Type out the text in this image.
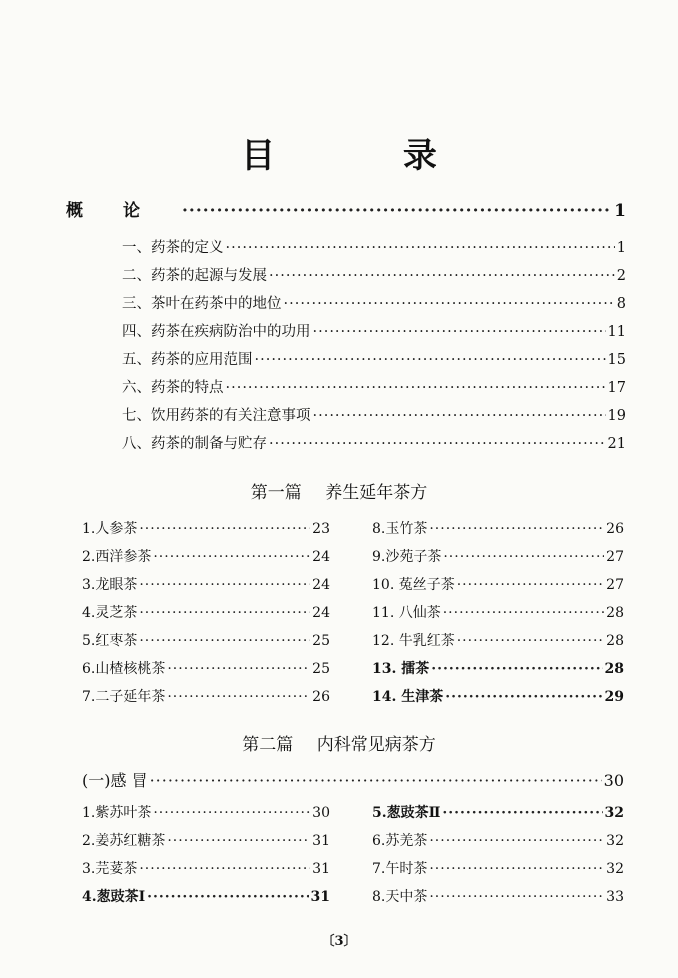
目 录
概论 ·····	1
一、药茶的定义 ·····	1
二、药茶的起源与发展 ·····	2
三、茶叶在药茶中的地位 ·····	8
四、药茶在疾病防治中的功用 ·····	11
五、药茶的应用范围 ·····	15
六、药茶的特点 ·····	17
七、饮用药茶的有关注意事项 ·····	19
八、药茶的制备与贮存 ·····	21
第一篇 养生延年茶方
1.人参茶 ·····	23
2.西洋参茶 ·····	24
3.龙眼茶 ·····	24
4.灵芝茶 ·····	24
5.红枣茶 ·····	25
6.山楂核桃茶 ·····	25
7.二子延年茶 ·····	26
8.玉竹茶 ·····	26
9.沙苑子茶 ·····	27
10. 菟丝子茶 ·····	27
11. 八仙茶 ·····	28
12. 牛乳红茶 ·····	28
13. 擂茶 ·····	28
14. 生津茶 ·····	29
第二篇 内科常见病茶方
(一)感 冒 ·····	30
1.紫苏叶茶 ·····	30
2.姜苏红糖茶 ·····	31
3.芫荽茶 ·····	31
4.葱豉茶Ⅰ ·····	31
5.葱豉茶Ⅱ ·····	32
6.苏羌茶 ·····	32
7.午时茶 ·····	32
8.天中茶 ·····	33
〔3〕
